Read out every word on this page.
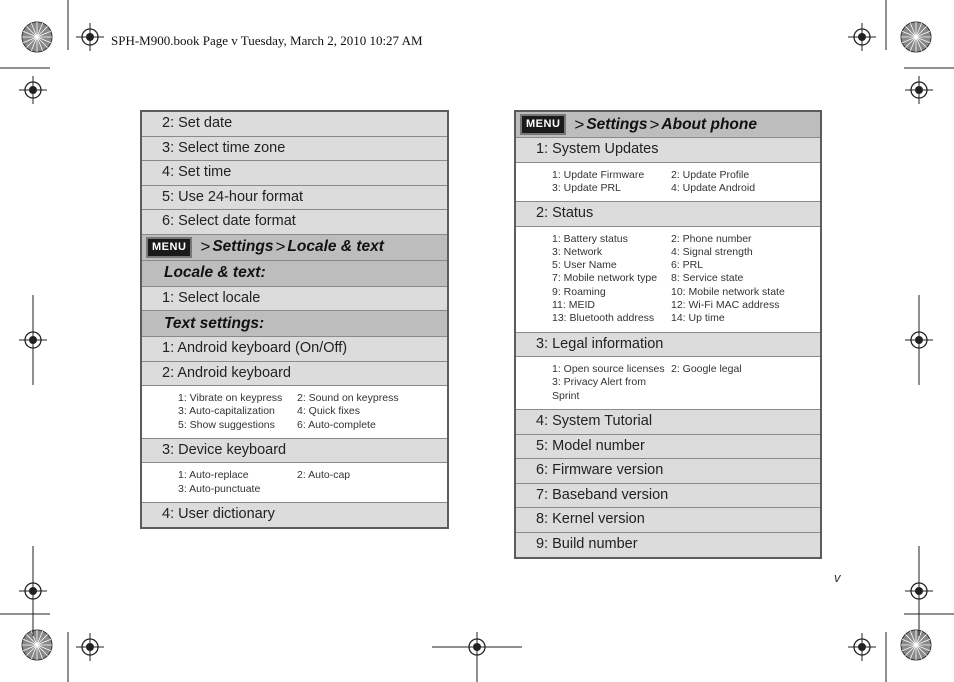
SPH-M900.book Page v Tuesday, March 2, 2010 10:27 AM
2: Set date
3: Select time zone
4: Set time
5: Use 24-hour format
6: Select date format
MENU > Settings > Locale & text
Locale & text:
1: Select locale
Text settings:
1: Android keyboard (On/Off)
2: Android keyboard
1: Vibrate on keypress	2: Sound on keypress
3: Auto-capitalization	4: Quick fixes
5: Show suggestions	6: Auto-complete
3: Device keyboard
1: Auto-replace	2: Auto-cap
3: Auto-punctuate
4: User dictionary
MENU > Settings > About phone
1: System Updates
1: Update Firmware	2: Update Profile
3: Update PRL	4: Update Android
2: Status
1: Battery status	2: Phone number
3: Network	4: Signal strength
5: User Name	6: PRL
7: Mobile network type	8: Service state
9: Roaming	10: Mobile network state
11: MEID	12: Wi-Fi MAC address
13: Bluetooth address	14: Up time
3: Legal information
1: Open source licenses 2: Google legal
3: Privacy Alert from Sprint
4: System Tutorial
5: Model number
6: Firmware version
7: Baseband version
8: Kernel version
9: Build number
v
